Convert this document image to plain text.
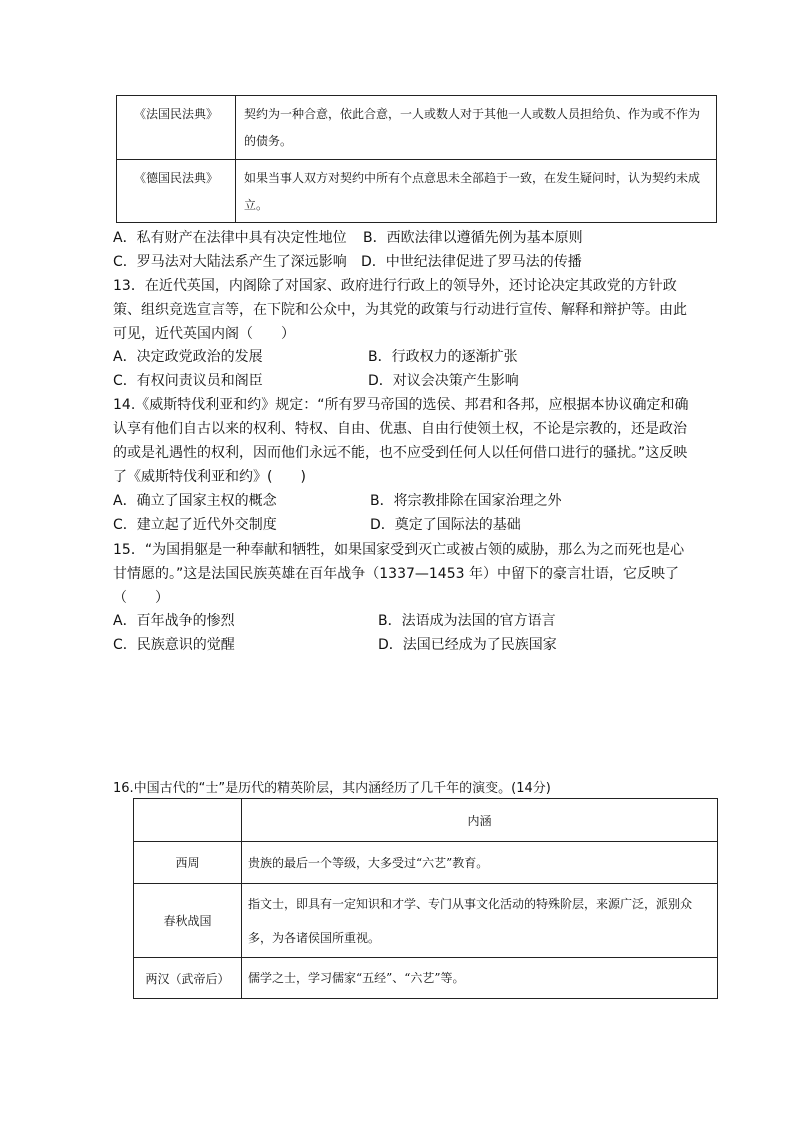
《法国民法典》	契约为一种合意，依此合意，一人或数人对于其他一人或数人员担给负、作为或不作为的债务。
《德国民法典》	如果当事人双方对契约中所有个点意思未全部趋于一致，在发生疑问时，认为契约未成立。
A．私有财产在法律中具有决定性地位 B．西欧法律以遵循先例为基本原则
C．罗马法对大陆法系产生了深远影响 D．中世纪法律促进了罗马法的传播
13．在近代英国，内阁除了对国家、政府进行行政上的领导外，还讨论决定其政党的方针政策、组织竞选宣言等，在下院和公众中，为其党的政策与行动进行宣传、解释和辩护等。由此可见，近代英国内阁（　　）
A．决定政党政治的发展	B．行政权力的逐渐扩张
C．有权问责议员和阁臣	D．对议会决策产生影响
14.《威斯特伐利亚和约》规定：“所有罗马帝国的选侯、邦君和各邦，应根据本协议确定和确认享有他们自古以来的权利、特权、自由、优惠、自由行使领土权，不论是宗教的，还是政治的或是礼遇性的权利，因而他们永远不能，也不应受到任何人以任何借口进行的骚扰。”这反映了《威斯特伐利亚和约》(　　)
A．确立了国家主权的概念	B．将宗教排除在国家治理之外
C．建立起了近代外交制度	D．奠定了国际法的基础
15．“为国捐躯是一种奉献和牺牲，如果国家受到灭亡或被占领的威胁，那么为之而死也是心甘情愿的。”这是法国民族英雄在百年战争（1337—1453 年）中留下的豪言壮语，它反映了（　　）
A．百年战争的惨烈	B．法语成为法国的官方语言
C．民族意识的觉醒	D．法国已经成为了民族国家
16.中国古代的“士”是历代的精英阶层，其内涵经历了几千年的演变。(14分)
	内涵
西周	贵族的最后一个等级，大多受过“六艺”教育。
春秋战国	指文士，即具有一定知识和才学、专门从事文化活动的特殊阶层，来源广泛，派别众多，为各诸侯国所重视。
两汉（武帝后）	儒学之士，学习儒家“五经”、“六艺”等。
